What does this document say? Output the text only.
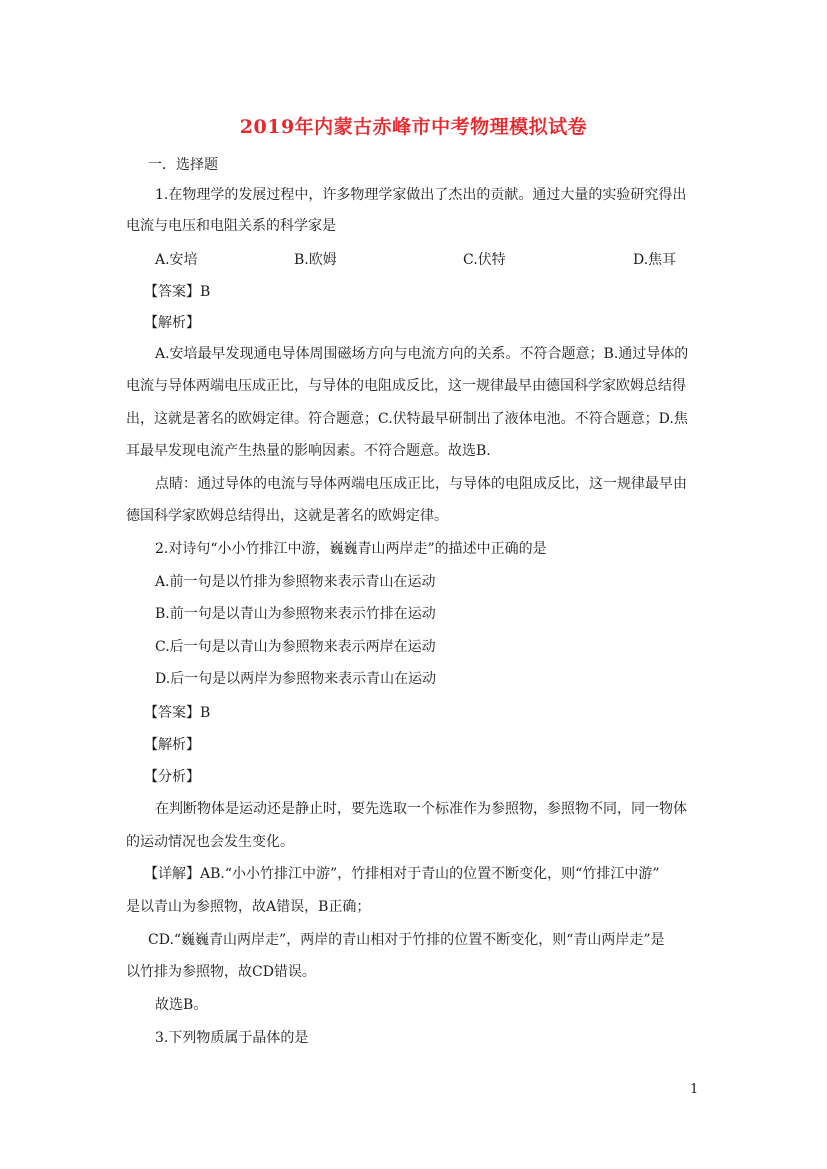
2019年内蒙古赤峰市中考物理模拟试卷
一．选择题
1.在物理学的发展过程中，许多物理学家做出了杰出的贡献。通过大量的实验研究得出
电流与电压和电阻关系的科学家是
A.安培	B.欧姆	C.伏特	D.焦耳
【答案】B
【解析】
A.安培最早发现通电导体周围磁场方向与电流方向的关系。不符合题意；B.通过导体的
电流与导体两端电压成正比，与导体的电阻成反比，这一规律最早由德国科学家欧姆总结得
出，这就是著名的欧姆定律。符合题意；C.伏特最早研制出了液体电池。不符合题意；D.焦
耳最早发现电流产生热量的影响因素。不符合题意。故选B.
点睛：通过导体的电流与导体两端电压成正比，与导体的电阻成反比，这一规律最早由
德国科学家欧姆总结得出，这就是著名的欧姆定律。
2.对诗句“小小竹排江中游，巍巍青山两岸走”的描述中正确的是
A.前一句是以竹排为参照物来表示青山在运动
B.前一句是以青山为参照物来表示竹排在运动
C.后一句是以青山为参照物来表示两岸在运动
D.后一句是以两岸为参照物来表示青山在运动
【答案】B
【解析】
【分析】
在判断物体是运动还是静止时，要先选取一个标准作为参照物，参照物不同，同一物体
的运动情况也会发生变化。
【详解】AB.“小小竹排江中游”，竹排相对于青山的位置不断变化，则“竹排江中游”
是以青山为参照物，故A错误，B正确；
CD.“巍巍青山两岸走”，两岸的青山相对于竹排的位置不断变化，则“青山两岸走”是
以竹排为参照物，故CD错误。
故选B。
3.下列物质属于晶体的是
1
